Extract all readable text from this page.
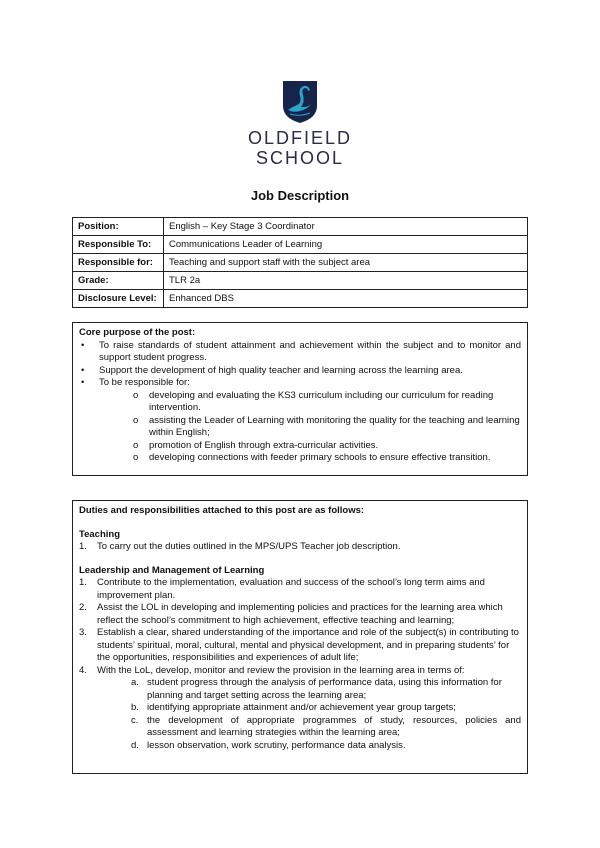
OLDFIELD
SCHOOL
Job Description
Position:	English – Key Stage 3 Coordinator
Responsible To:	Communications Leader of Learning
Responsible for:	Teaching and support staff with the subject area
Grade:	TLR 2a
Disclosure Level:	Enhanced DBS
Core purpose of the post:
•	To raise standards of student attainment and achievement within the subject and to monitor and support student progress.
•	Support the development of high quality teacher and learning across the learning area.
•	To be responsible for:
o	developing and evaluating the KS3 curriculum including our curriculum for reading intervention.
o	assisting the Leader of Learning with monitoring the quality for the teaching and learning within English;
o	promotion of English through extra-curricular activities.
o	developing connections with feeder primary schools to ensure effective transition.
Duties and responsibilities attached to this post are as follows:
Teaching
1.	To carry out the duties outlined in the MPS/UPS Teacher job description.
Leadership and Management of Learning
1.	Contribute to the implementation, evaluation and success of the school’s long term aims and improvement plan.
2.	Assist the LOL in developing and implementing policies and practices for the learning area which reflect the school’s commitment to high achievement, effective teaching and learning;
3.	Establish a clear, shared understanding of the importance and role of the subject(s) in contributing to students’ spiritual, moral, cultural, mental and physical development, and in preparing students’ for the opportunities, responsibilities and experiences of adult life;
4.	With the LoL, develop, monitor and review the provision in the learning area in terms of:
a. student progress through the analysis of performance data, using this information for planning and target setting across the learning area;
b. identifying appropriate attainment and/or achievement year group targets;
c. the development of appropriate programmes of study, resources, policies and assessment and learning strategies within the learning area;
d. lesson observation, work scrutiny, performance data analysis.
